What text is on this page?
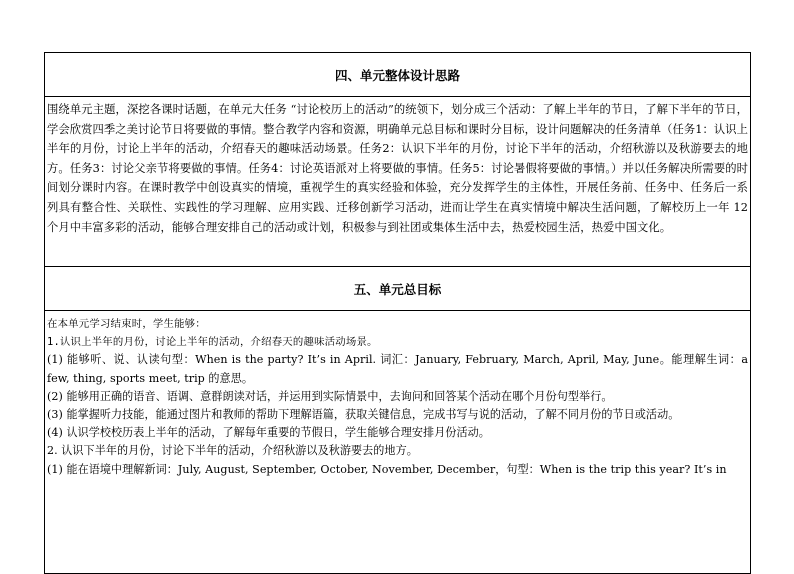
四、单元整体设计思路

围绕单元主题，深挖各课时话题，在单元大任务 “讨论校历上的活动”的统领下，划分成三个活动：了解上半年的节日，了解下半年的节日，学会欣赏四季之美讨论节日将要做的事情。整合教学内容和资源，明确单元总目标和课时分目标，设计问题解决的任务清单（任务1：认识上半年的月份，讨论上半年的活动，介绍春天的趣味活动场景。任务2：认识下半年的月份，讨论下半年的活动，介绍秋游以及秋游要去的地方。任务3：讨论父亲节将要做的事情。任务4：讨论英语派对上将要做的事情。任务5：讨论暑假将要做的事情。）并以任务解决所需要的时间划分课时内容。在课时教学中创设真实的情境，重视学生的真实经验和体验，充分发挥学生的主体性，开展任务前、任务中、任务后一系列具有整合性、关联性、实践性的学习理解、应用实践、迁移创新学习活动，进而让学生在真实情境中解决生活问题，了解校历上一年 12 个月中丰富多彩的活动，能够合理安排自己的活动或计划，积极参与到社团或集体生活中去，热爱校园生活，热爱中国文化。

五、单元总目标

在本单元学习结束时，学生能够：

1.认识上半年的月份，讨论上半年的活动，介绍春天的趣味活动场景。

(1) 能够听、说、认读句型：When is the party? It’s in April. 词汇：January, February, March, April, May, June。能理解生词：a few, thing, sports meet, trip 的意思。

(2) 能够用正确的语音、语调、意群朗读对话，并运用到实际情景中，去询问和回答某个活动在哪个月份句型举行。

(3) 能掌握听力技能，能通过图片和教师的帮助下理解语篇，获取关键信息，完成书写与说的活动，了解不同月份的节日或活动。

(4) 认识学校校历表上半年的活动，了解每年重要的节假日，学生能够合理安排月份活动。

2. 认识下半年的月份，讨论下半年的活动，介绍秋游以及秋游要去的地方。

(1) 能在语境中理解新词：July, August, September, October, November, December，句型：When is the trip this year? It’s in
